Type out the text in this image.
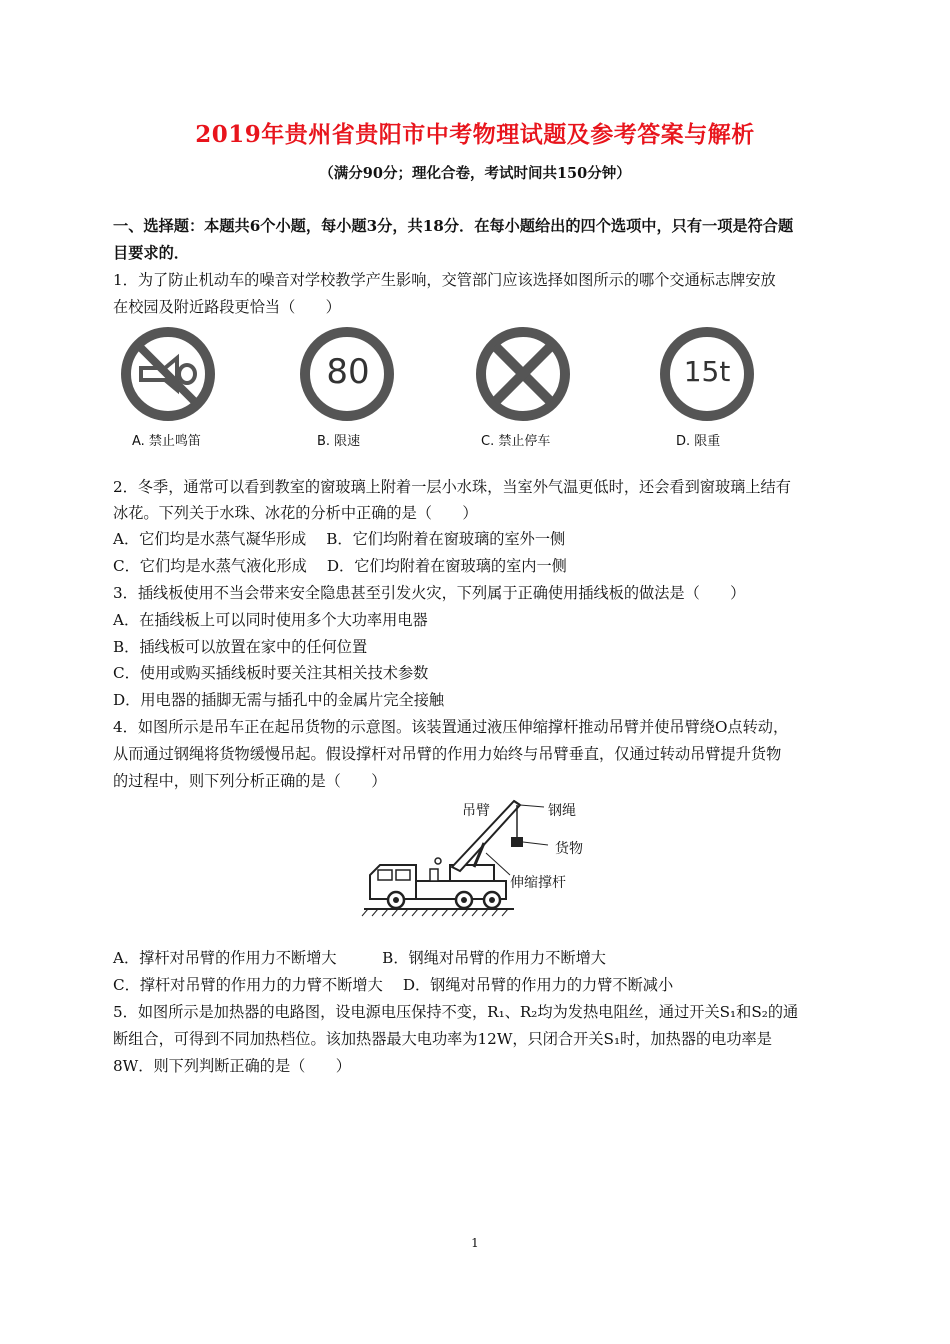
2019年贵州省贵阳市中考物理试题及参考答案与解析
（满分90分；理化合卷，考试时间共150分钟）
一、选择题：本题共6个小题，每小题3分，共18分．在每小题给出的四个选项中，只有一项是符合题
目要求的．
1．为了防止机动车的噪音对学校教学产生影响，交管部门应该选择如图所示的哪个交通标志牌安放
在校园及附近路段更恰当（　　）
A. 禁止鸣笛
80
B. 限速	C. 禁止停车
15t
D. 限重
2．冬季，通常可以看到教室的窗玻璃上附着一层小水珠，当室外气温更低时，还会看到窗玻璃上结有
冰花。下列关于水珠、冰花的分析中正确的是（　　）
A．它们均是水蒸气凝华形成　 B．它们均附着在窗玻璃的室外一侧
C．它们均是水蒸气液化形成　 D．它们均附着在窗玻璃的室内一侧
3．插线板使用不当会带来安全隐患甚至引发火灾，下列属于正确使用插线板的做法是（　　）
A．在插线板上可以同时使用多个大功率用电器
B．插线板可以放置在家中的任何位置
C．使用或购买插线板时要关注其相关技术参数
D．用电器的插脚无需与插孔中的金属片完全接触
4．如图所示是吊车正在起吊货物的示意图。该装置通过液压伸缩撑杆推动吊臂并使吊臂绕O点转动，
从而通过钢绳将货物缓慢吊起。假设撑杆对吊臂的作用力始终与吊臂垂直，仅通过转动吊臂提升货物
的过程中，则下列分析正确的是（　　）
吊臂	钢绳
货物
伸缩撑杆
A．撑杆对吊臂的作用力不断增大　　　B．钢绳对吊臂的作用力不断增大
C．撑杆对吊臂的作用力的力臂不断增大　 D．钢绳对吊臂的作用力的力臂不断减小
5．如图所示是加热器的电路图，设电源电压保持不变，R₁、R₂均为发热电阻丝，通过开关S₁和S₂的通
断组合，可得到不同加热档位。该加热器最大电功率为12W，只闭合开关S₁时，加热器的电功率是
8W．则下列判断正确的是（　　）
1
